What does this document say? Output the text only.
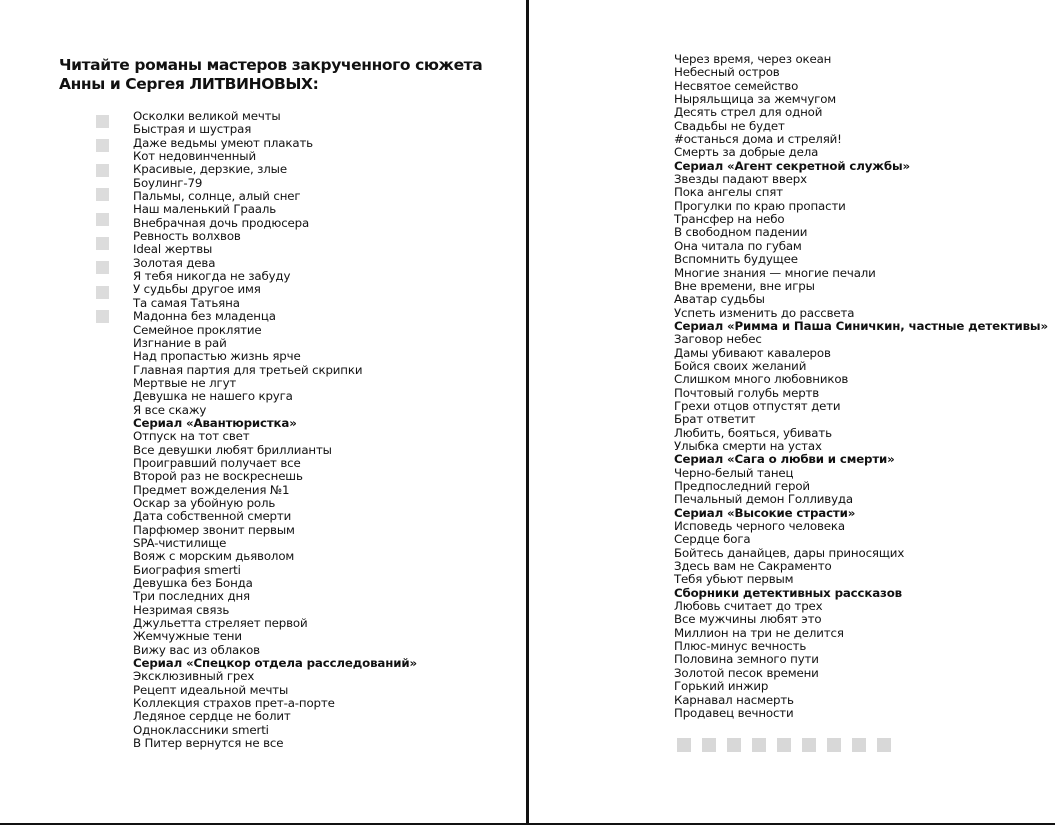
Читайте романы мастеров закрученного сюжета
Анны и Сергея ЛИТВИНОВЫХ:
Осколки великой мечты
Быстрая и шустрая
Даже ведьмы умеют плакать
Кот недовинченный
Красивые, дерзкие, злые
Боулинг-79
Пальмы, солнце, алый снег
Наш маленький Грааль
Внебрачная дочь продюсера
Ревность волхвов
Ideal жертвы
Золотая дева
Я тебя никогда не забуду
У судьбы другое имя
Та самая Татьяна
Мадонна без младенца
Семейное проклятие
Изгнание в рай
Над пропастью жизнь ярче
Главная партия для третьей скрипки
Мертвые не лгут
Девушка не нашего круга
Я все скажу
Сериал «Авантюристка»
Отпуск на тот свет
Все девушки любят бриллианты
Проигравший получает все
Второй раз не воскреснешь
Предмет вожделения №1
Оскар за убойную роль
Дата собственной смерти
Парфюмер звонит первым
SPA-чистилище
Вояж с морским дьяволом
Биография smerti
Девушка без Бонда
Три последних дня
Незримая связь
Джульетта стреляет первой
Жемчужные тени
Вижу вас из облаков
Сериал «Спецкор отдела расследований»
Эксклюзивный грех
Рецепт идеальной мечты
Коллекция страхов прет-а-порте
Ледяное сердце не болит
Одноклассники smerti
В Питер вернутся не все
Через время, через океан
Небесный остров
Несвятое семейство
Ныряльщица за жемчугом
Десять стрел для одной
Свадьбы не будет
#останься дома и стреляй!
Смерть за добрые дела
Сериал «Агент секретной службы»
Звезды падают вверх
Пока ангелы спят
Прогулки по краю пропасти
Трансфер на небо
В свободном падении
Она читала по губам
Вспомнить будущее
Многие знания — многие печали
Вне времени, вне игры
Аватар судьбы
Успеть изменить до рассвета
Сериал «Римма и Паша Синичкин, частные детективы»
Заговор небес
Дамы убивают кавалеров
Бойся своих желаний
Слишком много любовников
Почтовый голубь мертв
Грехи отцов отпустят дети
Брат ответит
Любить, бояться, убивать
Улыбка смерти на устах
Сериал «Сага о любви и смерти»
Черно-белый танец
Предпоследний герой
Печальный демон Голливуда
Сериал «Высокие страсти»
Исповедь черного человека
Сердце бога
Бойтесь данайцев, дары приносящих
Здесь вам не Сакраменто
Тебя убьют первым
Сборники детективных рассказов
Любовь считает до трех
Все мужчины любят это
Миллион на три не делится
Плюс-минус вечность
Половина земного пути
Золотой песок времени
Горький инжир
Карнавал насмерть
Продавец вечности
